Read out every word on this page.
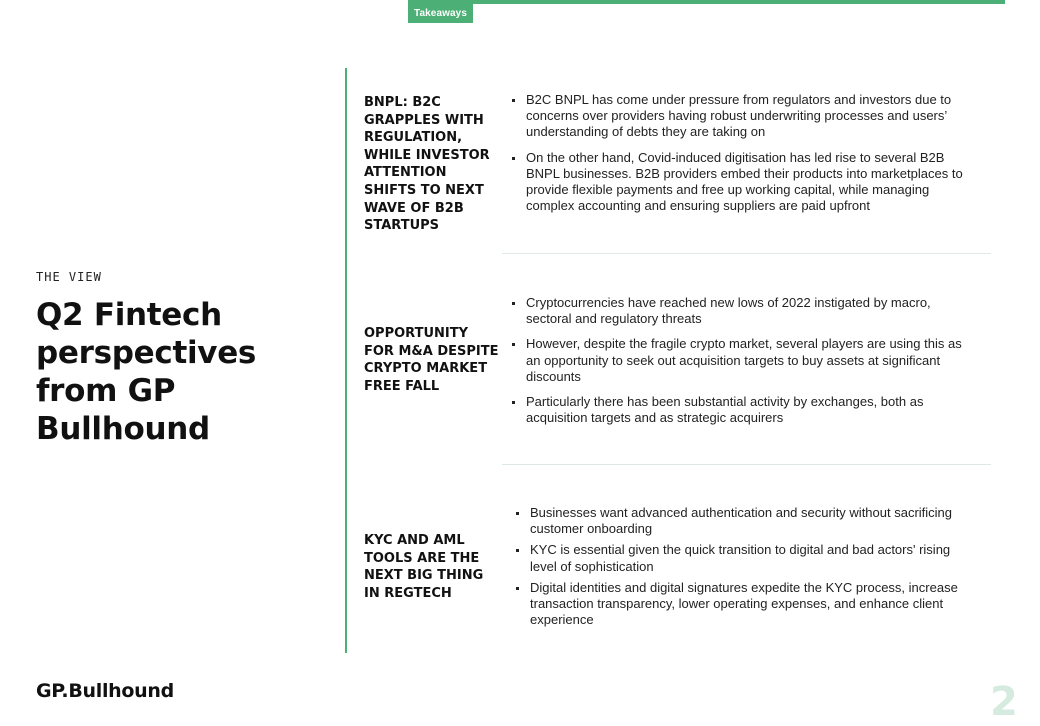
Takeaways
THE VIEW
Q2 Fintech perspectives from GP Bullhound
BNPL: B2C GRAPPLES WITH REGULATION, WHILE INVESTOR ATTENTION SHIFTS TO NEXT WAVE OF B2B STARTUPS
B2C BNPL has come under pressure from regulators and investors due to concerns over providers having robust underwriting processes and users’ understanding of debts they are taking on
On the other hand, Covid-induced digitisation has led rise to several B2B BNPL businesses. B2B providers embed their products into marketplaces to provide flexible payments and free up working capital, while managing complex accounting and ensuring suppliers are paid upfront
OPPORTUNITY FOR M&A DESPITE CRYPTO MARKET FREE FALL
Cryptocurrencies have reached new lows of 2022 instigated by macro, sectoral and regulatory threats
However, despite the fragile crypto market, several players are using this as an opportunity to seek out acquisition targets to buy assets at significant discounts
Particularly there has been substantial activity by exchanges, both as acquisition targets and as strategic acquirers
KYC AND AML TOOLS ARE THE NEXT BIG THING IN REGTECH
Businesses want advanced authentication and security without sacrificing customer onboarding
KYC is essential given the quick transition to digital and bad actors' rising level of sophistication
Digital identities and digital signatures expedite the KYC process, increase transaction transparency, lower operating expenses, and enhance client experience
GP.Bullhound	2
